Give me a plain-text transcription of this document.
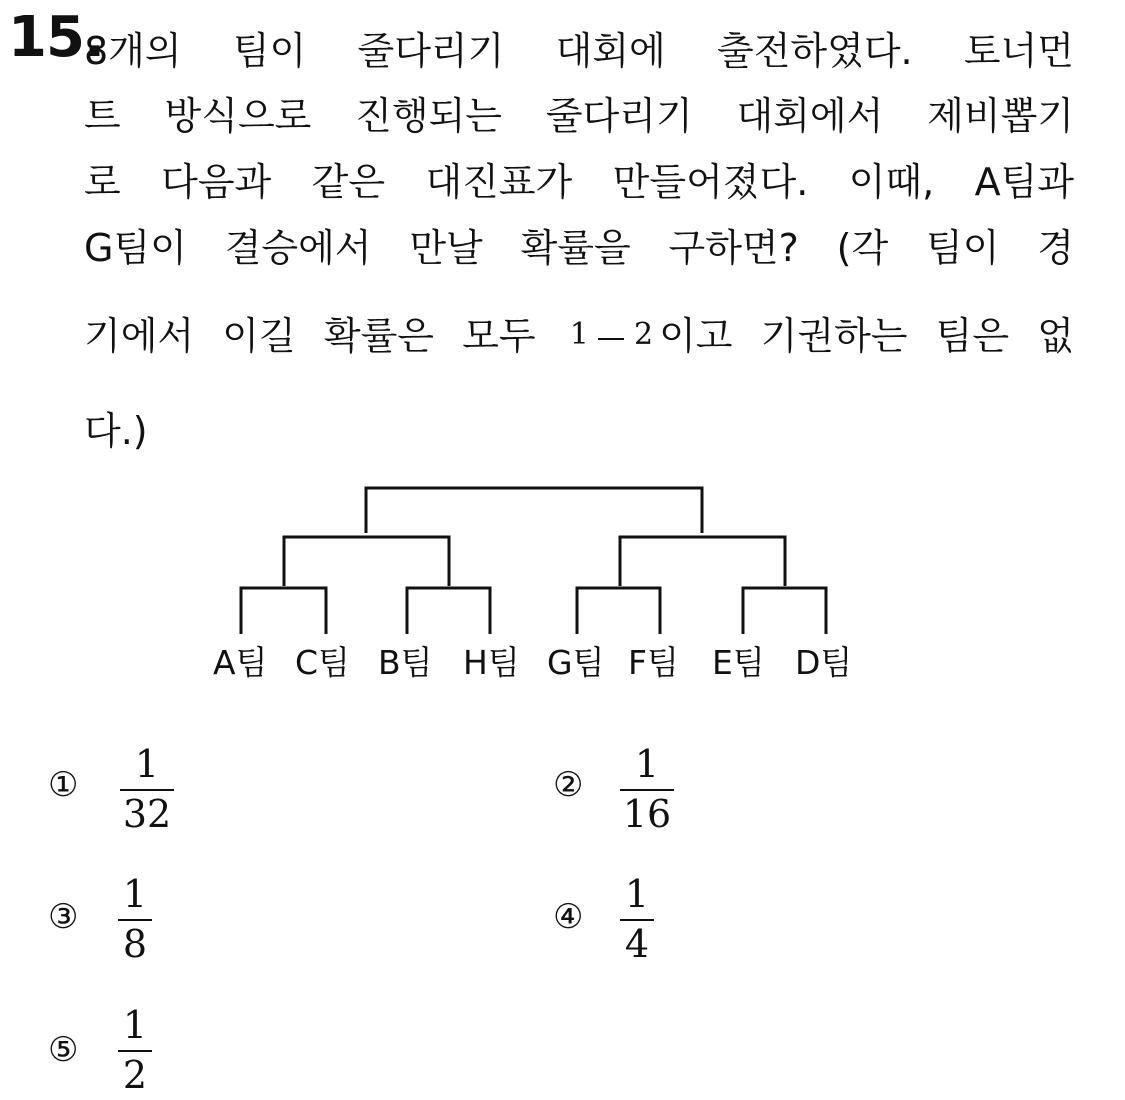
15.
8개의 팀이 줄다리기 대회에 출전하였다. 토너먼
트 방식으로 진행되는 줄다리기 대회에서 제비뽑기
로 다음과 같은 대진표가 만들어졌다. 이때, A팀과
G팀이 결승에서 만날 확률을 구하면? (각 팀이 경
기에서 이길 확률은 모두 1 2 이고 기권하는 팀은 없
다.)
A팀 C팀 B팀 H팀 G팀 F팀 E팀 D팀
① 1
32
② 1
16
③
1
8
④
1
4
⑤
1
2
